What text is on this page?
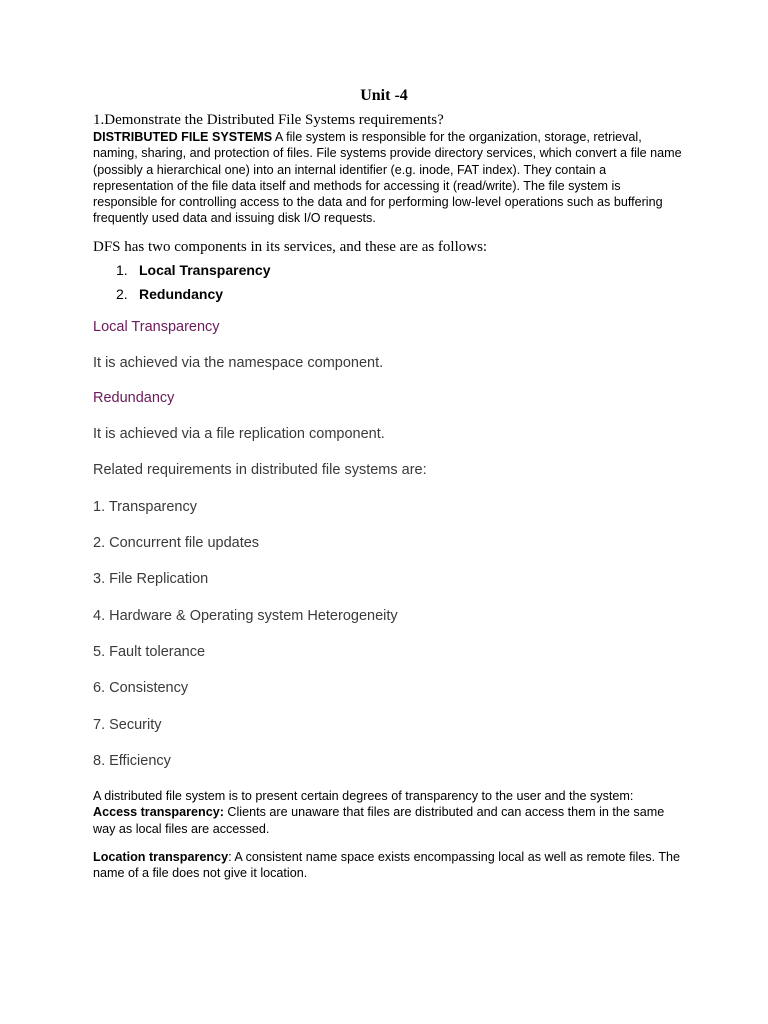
Unit -4
1.Demonstrate the Distributed File Systems requirements?
DISTRIBUTED FILE SYSTEMS A file system is responsible for the organization, storage, retrieval, naming, sharing, and protection of files. File systems provide directory services, which convert a file name (possibly a hierarchical one) into an internal identifier (e.g. inode, FAT index). They contain a representation of the file data itself and methods for accessing it (read/write). The file system is responsible for controlling access to the data and for performing low-level operations such as buffering frequently used data and issuing disk I/O requests.
DFS has two components in its services, and these are as follows:
1. Local Transparency
2. Redundancy
Local Transparency
It is achieved via the namespace component.
Redundancy
It is achieved via a file replication component.
Related requirements in distributed file systems are:
1. Transparency
2. Concurrent file updates
3. File Replication
4. Hardware & Operating system Heterogeneity
5. Fault tolerance
6. Consistency
7. Security
8. Efficiency
A distributed file system is to present certain degrees of transparency to the user and the system:
Access transparency: Clients are unaware that files are distributed and can access them in the same way as local files are accessed.
Location transparency: A consistent name space exists encompassing local as well as remote files. The name of a file does not give it location.
